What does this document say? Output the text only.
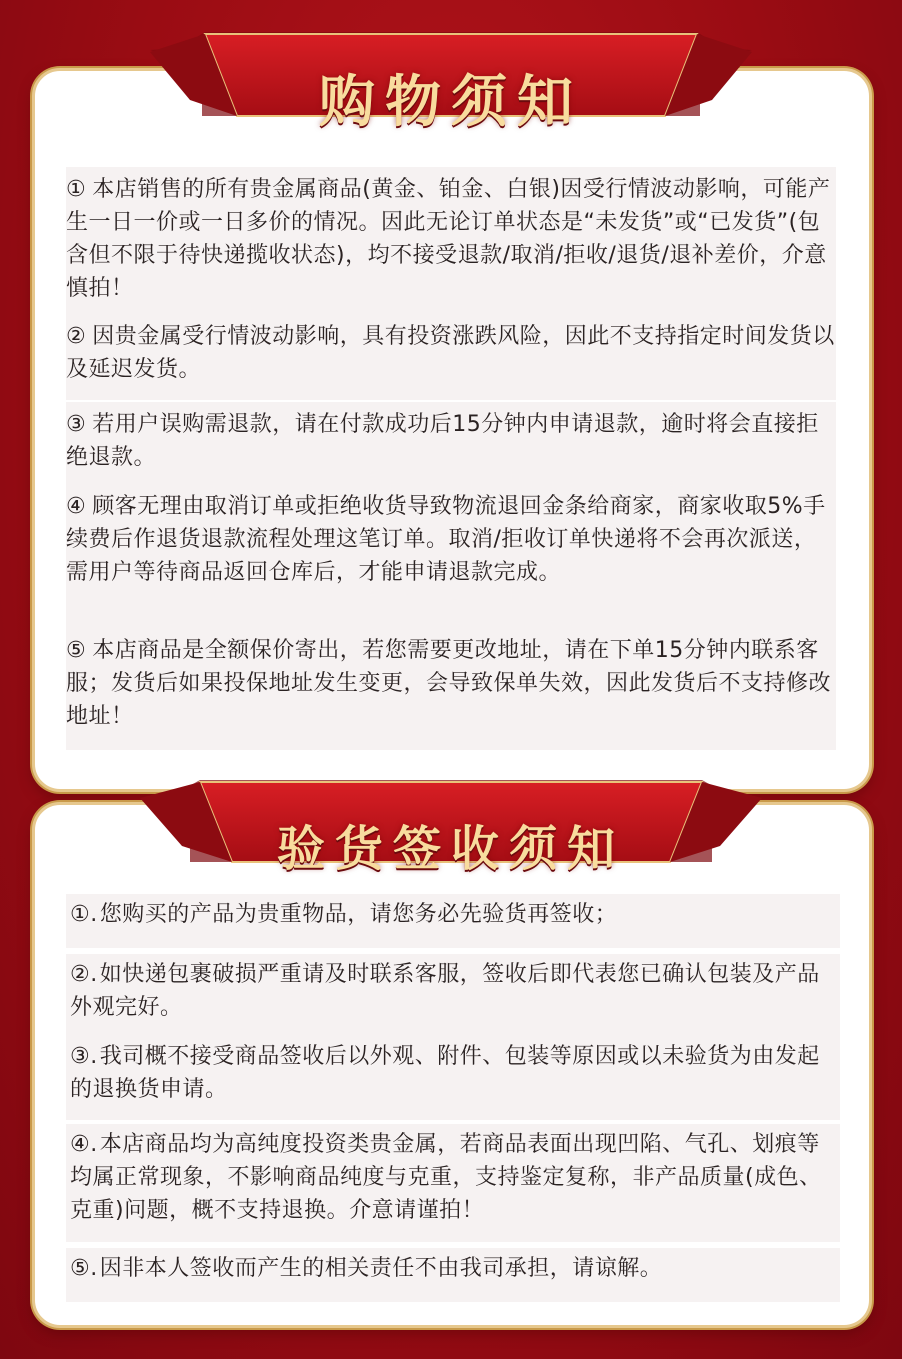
购物须知
① 本店销售的所有贵金属商品(黄金、铂金、白银)因受行情波动影响，可能产生一日一价或一日多价的情况。因此无论订单状态是“未发货”或“已发货”(包含但不限于待快递揽收状态)，均不接受退款/取消/拒收/退货/退补差价，介意慎拍！
② 因贵金属受行情波动影响，具有投资涨跌风险，因此不支持指定时间发货以及延迟发货。
③ 若用户误购需退款，请在付款成功后15分钟内申请退款，逾时将会直接拒绝退款。
④ 顾客无理由取消订单或拒绝收货导致物流退回金条给商家，商家收取5%手续费后作退货退款流程处理这笔订单。取消/拒收订单快递将不会再次派送，需用户等待商品返回仓库后，才能申请退款完成。
⑤ 本店商品是全额保价寄出，若您需要更改地址，请在下单15分钟内联系客服；发货后如果投保地址发生变更，会导致保单失效，因此发货后不支持修改地址！
验货签收须知
①.您购买的产品为贵重物品，请您务必先验货再签收；
②.如快递包裹破损严重请及时联系客服，签收后即代表您已确认包装及产品外观完好。
③.我司概不接受商品签收后以外观、附件、包装等原因或以未验货为由发起的退换货申请。
④.本店商品均为高纯度投资类贵金属，若商品表面出现凹陷、气孔、划痕等均属正常现象，不影响商品纯度与克重，支持鉴定复称，非产品质量(成色、克重)问题，概不支持退换。介意请谨拍！
⑤.因非本人签收而产生的相关责任不由我司承担，请谅解。
